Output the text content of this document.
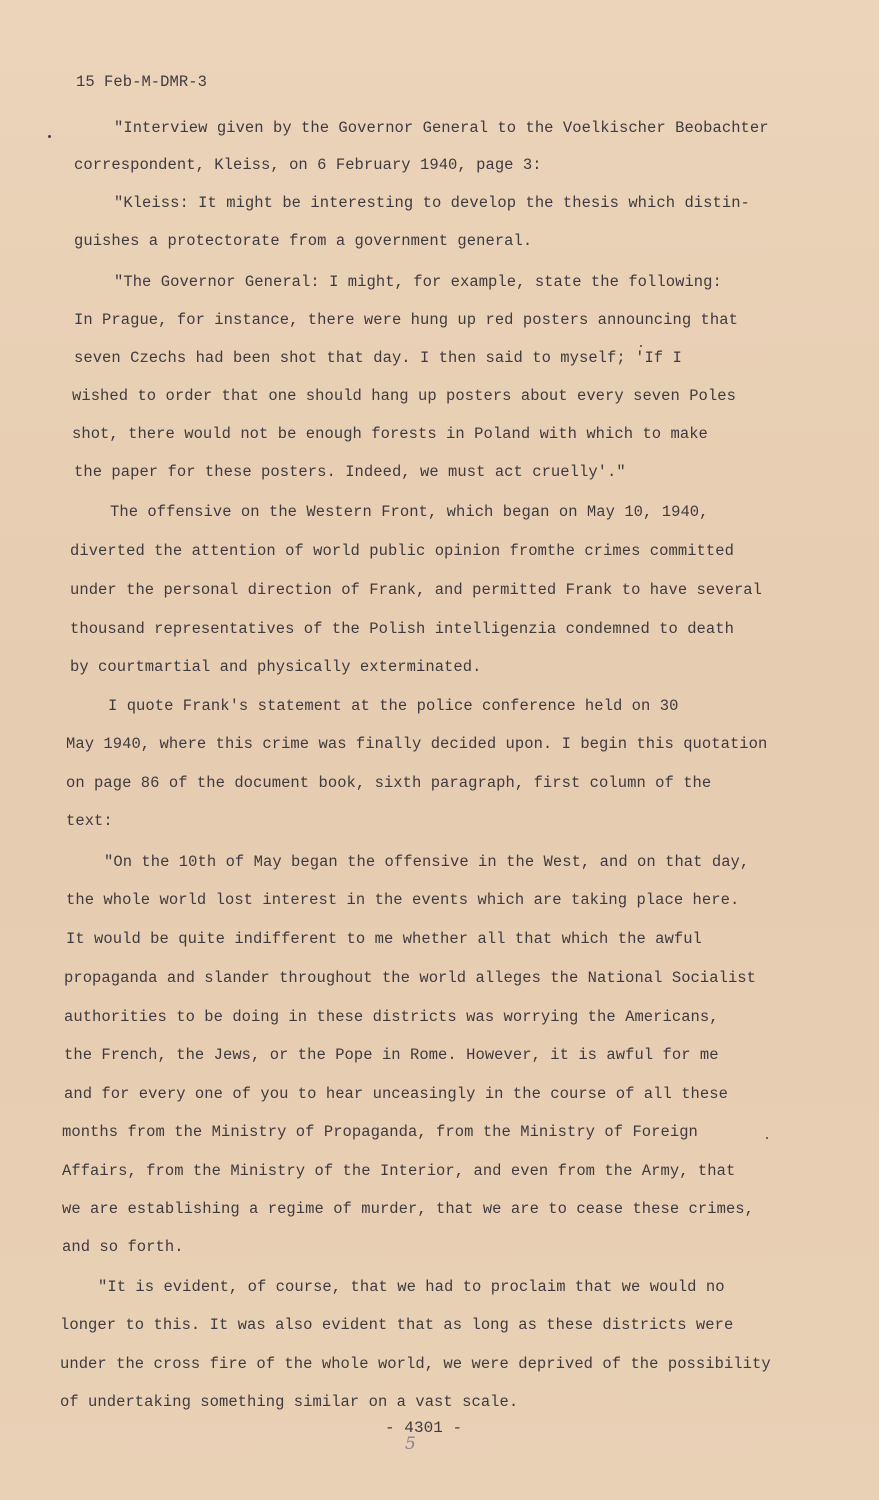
15 Feb-M-DMR-3
"Interview given by the Governor General to the Voelkischer Beobachter
correspondent, Kleiss, on 6 February 1940, page 3:
"Kleiss: It might be interesting to develop the thesis which distin-
guishes a protectorate from a government general.
"The Governor General: I might, for example, state the following:
In Prague, for instance, there were hung up red posters announcing that
seven Czechs had been shot that day. I then said to myself; 'If I
wished to order that one should hang up posters about every seven Poles
shot, there would not be enough forests in Poland with which to make
the paper for these posters. Indeed, we must act cruelly'."
The offensive on the Western Front, which began on May 10, 1940,
diverted the attention of world public opinion fromthe crimes committed
under the personal direction of Frank, and permitted Frank to have several
thousand representatives of the Polish intelligenzia condemned to death
by courtmartial and physically exterminated.
I quote Frank's statement at the police conference held on 30
May 1940, where this crime was finally decided upon. I begin this quotation
on page 86 of the document book, sixth paragraph, first column of the
text:
"On the 10th of May began the offensive in the West, and on that day,
the whole world lost interest in the events which are taking place here.
It would be quite indifferent to me whether all that which the awful
propaganda and slander throughout the world alleges the National Socialist
authorities to be doing in these districts was worrying the Americans,
the French, the Jews, or the Pope in Rome. However, it is awful for me
and for every one of you to hear unceasingly in the course of all these
months from the Ministry of Propaganda, from the Ministry of Foreign
Affairs, from the Ministry of the Interior, and even from the Army, that
we are establishing a regime of murder, that we are to cease these crimes,
and so forth.
"It is evident, of course, that we had to proclaim that we would no
longer to this. It was also evident that as long as these districts were
under the cross fire of the whole world, we were deprived of the possibility
of undertaking something similar on a vast scale.
- 4301 -
5
